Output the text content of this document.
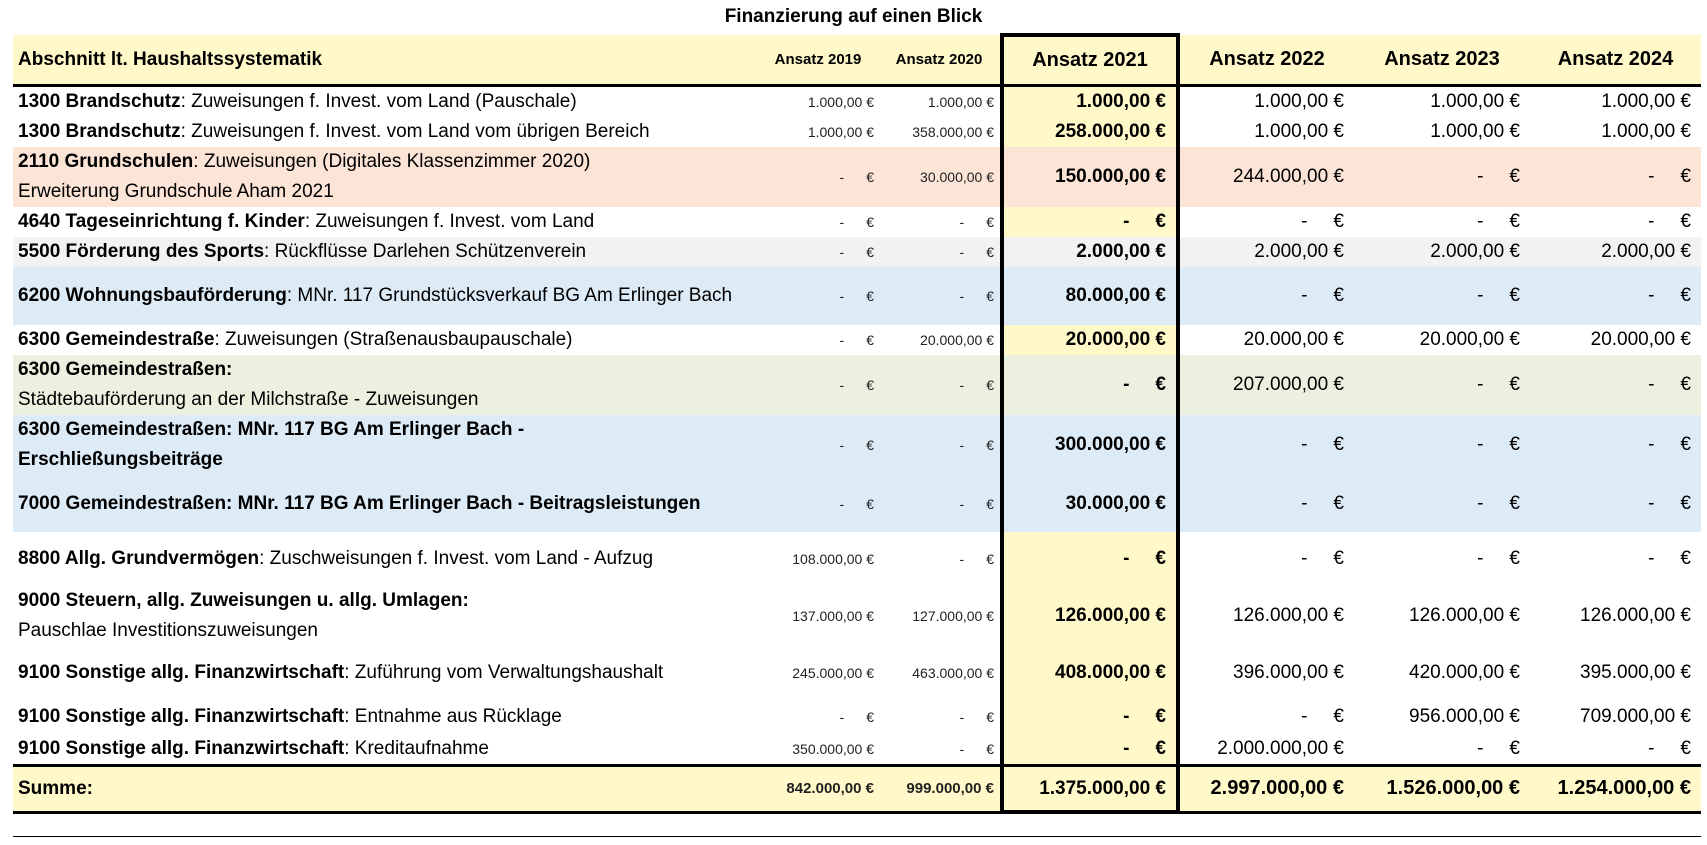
Finanzierung auf einen Blick
Abschnitt lt. Haushaltssystematik	Ansatz 2019	Ansatz 2020	Ansatz 2021	Ansatz 2022	Ansatz 2023	Ansatz 2024
1300 Brandschutz: Zuweisungen f. Invest. vom Land (Pauschale)	1.000,00 €	1.000,00 €	1.000,00 €	1.000,00 €	1.000,00 €	1.000,00 €

1300 Brandschutz: Zuweisungen f. Invest. vom Land vom übrigen Bereich	1.000,00 €	358.000,00 €	258.000,00 €	1.000,00 €	1.000,00 €	1.000,00 €

2110 Grundschulen: Zuweisungen (Digitales Klassenzimmer 2020)
Erweiterung Grundschule Aham 2021	- €	30.000,00 €	150.000,00 €	244.000,00 €	- €	- €

4640 Tageseinrichtung f. Kinder: Zuweisungen f. Invest. vom Land	- €	- €	- €	- €	- €	- €

5500 Förderung des Sports: Rückflüsse Darlehen Schützenverein	- €	- €	2.000,00 €	2.000,00 €	2.000,00 €	2.000,00 €

6200 Wohnungsbauförderung: MNr. 117 Grundstücksverkauf BG Am Erlinger Bach	- €	- €	80.000,00 €	- €	- €	- €

6300 Gemeindestraße: Zuweisungen (Straßenausbaupauschale)	- €	20.000,00 €	20.000,00 €	20.000,00 €	20.000,00 €	20.000,00 €

6300 Gemeindestraßen:
Städtebauförderung an der Milchstraße - Zuweisungen	- €	- €	- €	207.000,00 €	- €	- €

6300 Gemeindestraßen: MNr. 117 BG Am Erlinger Bach -
Erschließungsbeiträge	- €	- €	300.000,00 €	- €	- €	- €

7000 Gemeindestraßen: MNr. 117 BG Am Erlinger Bach - Beitragsleistungen	- €	- €	30.000,00 €	- €	- €	- €

8800 Allg. Grundvermögen: Zuschweisungen f. Invest. vom Land - Aufzug	108.000,00 €	- €	- €	- €	- €	- €

9000 Steuern, allg. Zuweisungen u. allg. Umlagen:
Pauschlae Investitionszuweisungen	137.000,00 €	127.000,00 €	126.000,00 €	126.000,00 €	126.000,00 €	126.000,00 €

9100 Sonstige allg. Finanzwirtschaft: Zuführung vom Verwaltungshaushalt	245.000,00 €	463.000,00 €	408.000,00 €	396.000,00 €	420.000,00 €	395.000,00 €

9100 Sonstige allg. Finanzwirtschaft: Entnahme aus Rücklage	- €	- €	- €	- €	956.000,00 €	709.000,00 €

9100 Sonstige allg. Finanzwirtschaft: Kreditaufnahme	350.000,00 €	- €	- €	2.000.000,00 €	- €	- €

Summe:	842.000,00 €	999.000,00 €	1.375.000,00 €	2.997.000,00 €	1.526.000,00 €	1.254.000,00 €
